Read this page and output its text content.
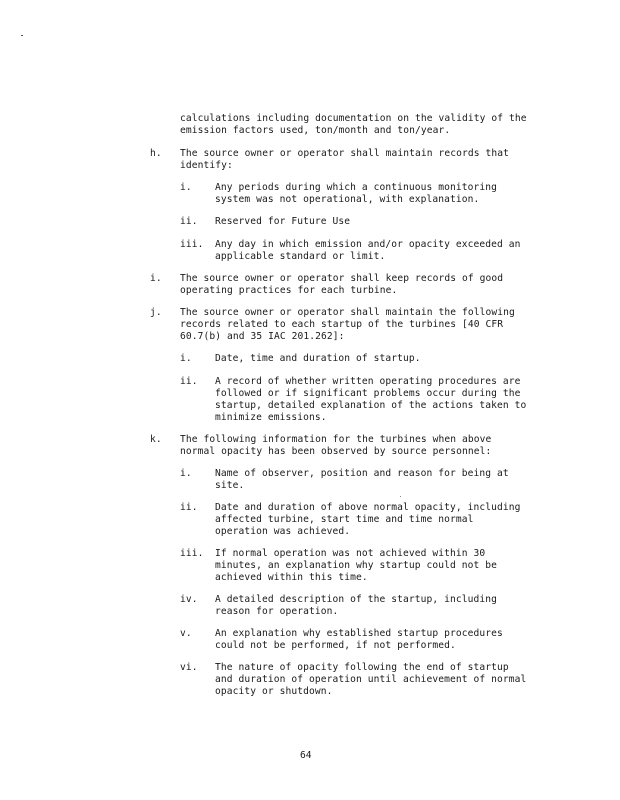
calculations including documentation on the validity of the
emission factors used, ton/month and ton/year.
h. The source owner or operator shall maintain records that
identify:
i. Any periods during which a continuous monitoring
system was not operational, with explanation.
ii. Reserved for Future Use
iii. Any day in which emission and/or opacity exceeded an
applicable standard or limit.
i. The source owner or operator shall keep records of good
operating practices for each turbine.
j. The source owner or operator shall maintain the following
records related to each startup of the turbines [40 CFR
60.7(b) and 35 IAC 201.262]:
i. Date, time and duration of startup.
ii. A record of whether written operating procedures are
followed or if significant problems occur during the
startup, detailed explanation of the actions taken to
minimize emissions.
k. The following information for the turbines when above
normal opacity has been observed by source personnel:
i. Name of observer, position and reason for being at
site.
ii. Date and duration of above normal opacity, including
affected turbine, start time and time normal
operation was achieved.
iii. If normal operation was not achieved within 30
minutes, an explanation why startup could not be
achieved within this time.
iv. A detailed description of the startup, including
reason for operation.
v. An explanation why established startup procedures
could not be performed, if not performed.
vi. The nature of opacity following the end of startup
and duration of operation until achievement of normal
opacity or shutdown.
64
